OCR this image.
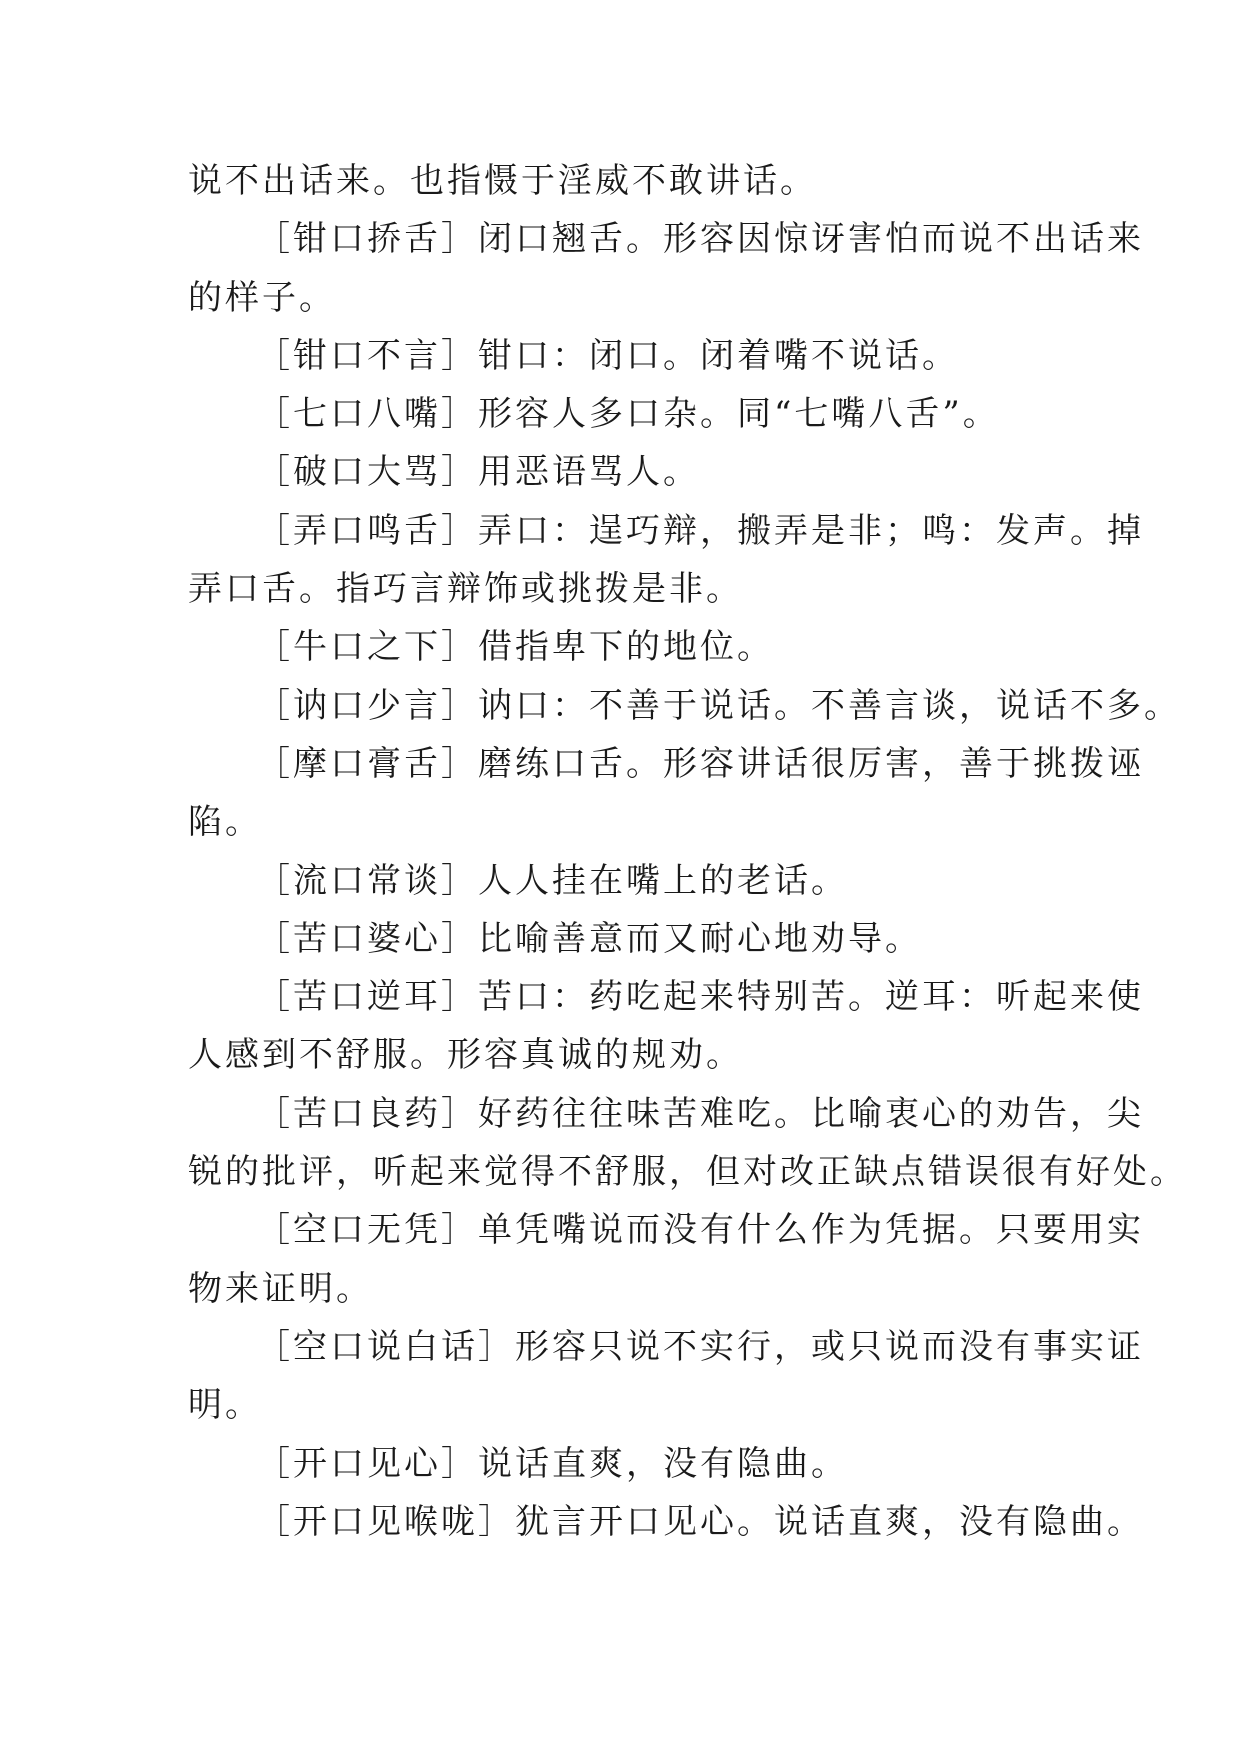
说不出话来。也指慑于淫威不敢讲话。
［钳口挢舌］闭口翘舌。形容因惊讶害怕而说不出话来
的样子。
［钳口不言］钳口：闭口。闭着嘴不说话。
［七口八嘴］形容人多口杂。同“七嘴八舌”。
［破口大骂］用恶语骂人。
［弄口鸣舌］弄口：逞巧辩，搬弄是非；鸣：发声。掉
弄口舌。指巧言辩饰或挑拨是非。
［牛口之下］借指卑下的地位。
［讷口少言］讷口：不善于说话。不善言谈，说话不多。
［摩口膏舌］磨练口舌。形容讲话很厉害，善于挑拨诬
陷。
［流口常谈］人人挂在嘴上的老话。
［苦口婆心］比喻善意而又耐心地劝导。
［苦口逆耳］苦口：药吃起来特别苦。逆耳：听起来使
人感到不舒服。形容真诚的规劝。
［苦口良药］好药往往味苦难吃。比喻衷心的劝告，尖
锐的批评，听起来觉得不舒服，但对改正缺点错误很有好处。
［空口无凭］单凭嘴说而没有什么作为凭据。只要用实
物来证明。
［空口说白话］形容只说不实行，或只说而没有事实证
明。
［开口见心］说话直爽，没有隐曲。
［开口见喉咙］犹言开口见心。说话直爽，没有隐曲。
